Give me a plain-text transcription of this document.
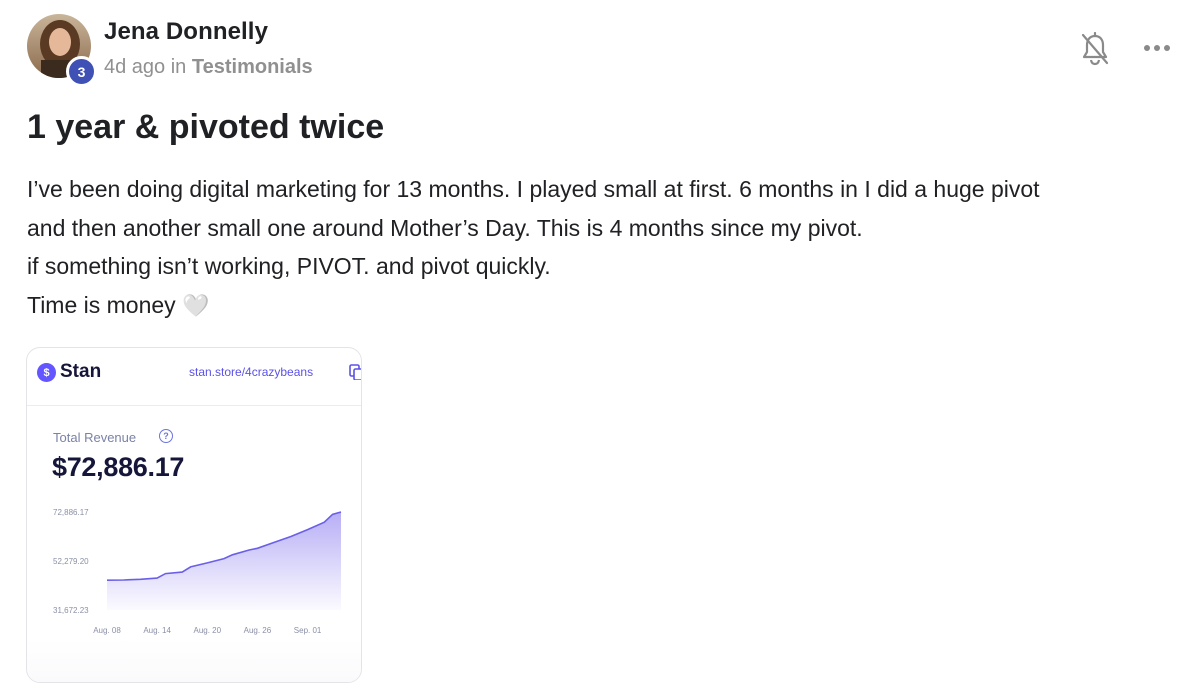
3
Jena Donnelly
4d ago in Testimonials
1 year & pivoted twice

I’ve been doing digital marketing for 13 months. I played small at first. 6 months in I did a huge pivot

and then another small one around Mother’s Day. This is 4 months since my pivot.

if something isn’t working, PIVOT. and pivot quickly.

Time is money 🤍

$ Stan	stan.store/4crazybeans
Total Revenue	?
$72,886.17
72,886.17
52,279.20
31,672.23
Aug. 08	Aug. 14	Aug. 20	Aug. 26	Sep. 01
